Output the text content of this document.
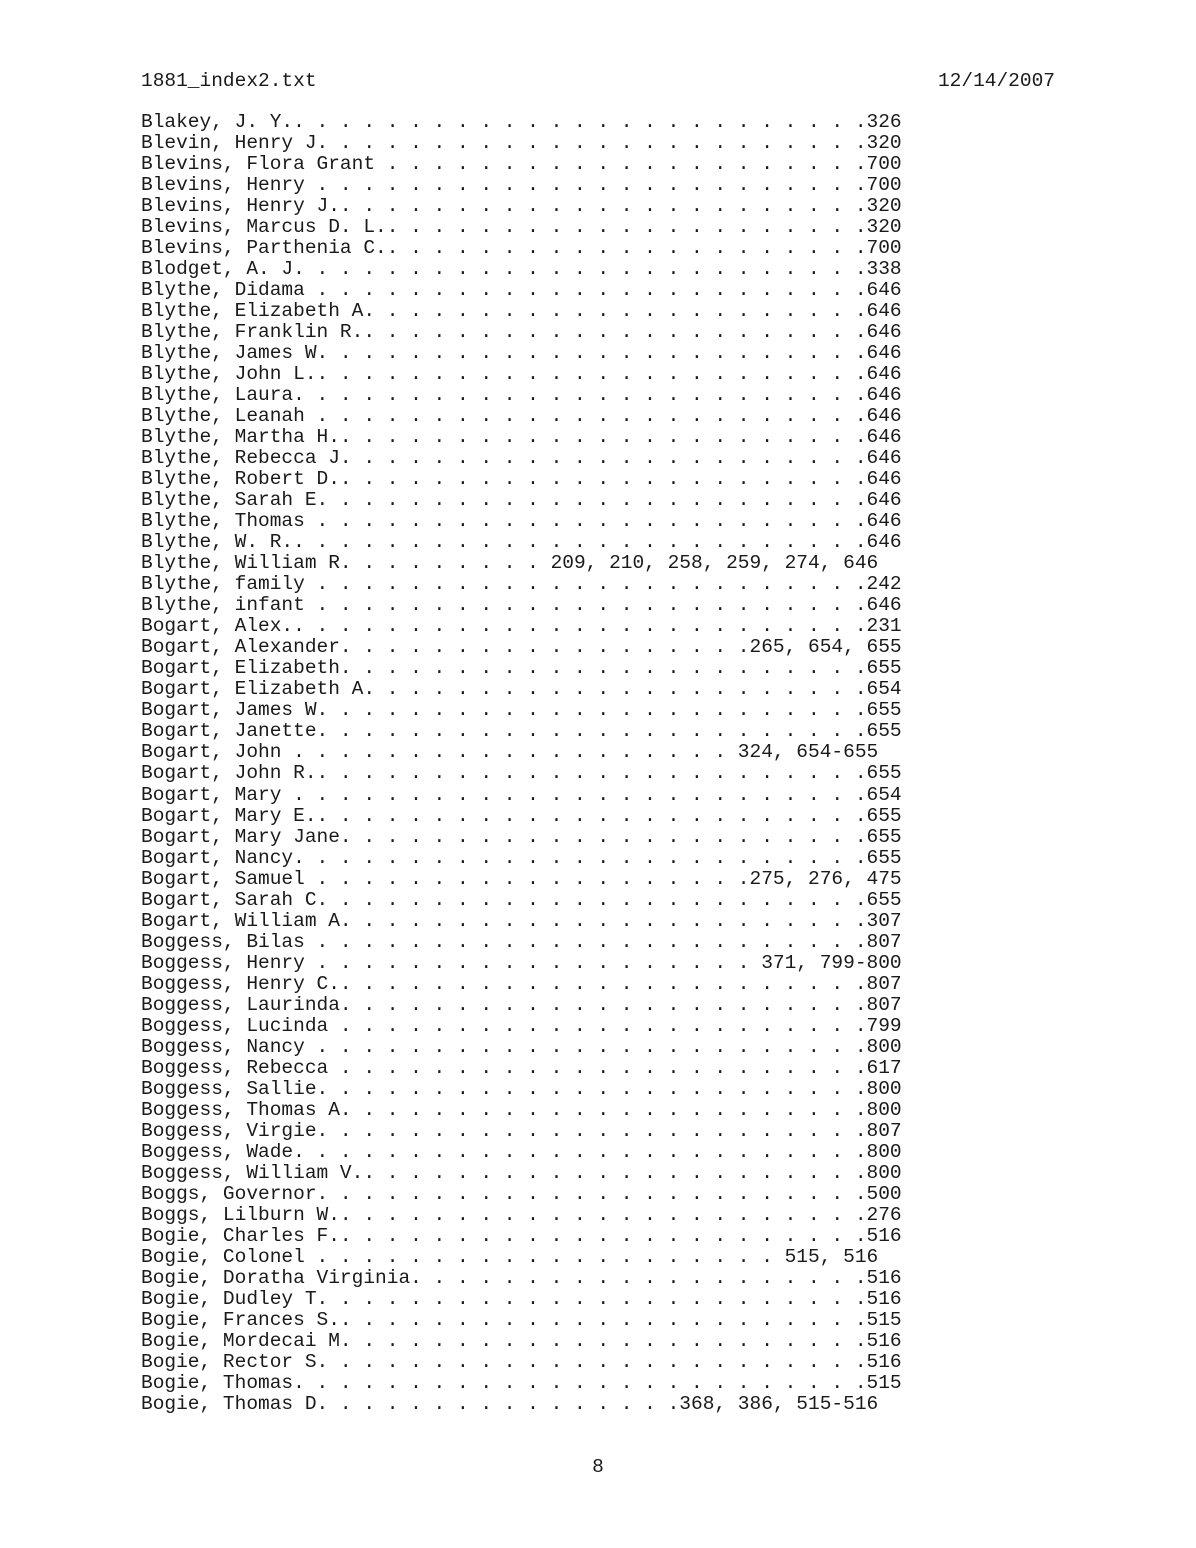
1881_index2.txt	12/14/2007
Blakey, J. Y.. . . . . . . . . . . . . . . . . . . . . . . . .326
Blevin, Henry J. . . . . . . . . . . . . . . . . . . . . . . .320
Blevins, Flora Grant . . . . . . . . . . . . . . . . . . . . .700
Blevins, Henry . . . . . . . . . . . . . . . . . . . . . . . .700
Blevins, Henry J.. . . . . . . . . . . . . . . . . . . . . . .320
Blevins, Marcus D. L.. . . . . . . . . . . . . . . . . . . . .320
Blevins, Parthenia C.. . . . . . . . . . . . . . . . . . . . .700
Blodget, A. J. . . . . . . . . . . . . . . . . . . . . . . . .338
Blythe, Didama . . . . . . . . . . . . . . . . . . . . . . . .646
Blythe, Elizabeth A. . . . . . . . . . . . . . . . . . . . . .646
Blythe, Franklin R.. . . . . . . . . . . . . . . . . . . . . .646
Blythe, James W. . . . . . . . . . . . . . . . . . . . . . . .646
Blythe, John L.. . . . . . . . . . . . . . . . . . . . . . . .646
Blythe, Laura. . . . . . . . . . . . . . . . . . . . . . . . .646
Blythe, Leanah . . . . . . . . . . . . . . . . . . . . . . . .646
Blythe, Martha H.. . . . . . . . . . . . . . . . . . . . . . .646
Blythe, Rebecca J. . . . . . . . . . . . . . . . . . . . . . .646
Blythe, Robert D.. . . . . . . . . . . . . . . . . . . . . . .646
Blythe, Sarah E. . . . . . . . . . . . . . . . . . . . . . . .646
Blythe, Thomas . . . . . . . . . . . . . . . . . . . . . . . .646
Blythe, W. R.. . . . . . . . . . . . . . . . . . . . . . . . .646
Blythe, William R. . . . . . . . . 209, 210, 258, 259, 274, 646
Blythe, family . . . . . . . . . . . . . . . . . . . . . . . .242
Blythe, infant . . . . . . . . . . . . . . . . . . . . . . . .646
Bogart, Alex.. . . . . . . . . . . . . . . . . . . . . . . . .231
Bogart, Alexander. . . . . . . . . . . . . . . . . .265, 654, 655
Bogart, Elizabeth. . . . . . . . . . . . . . . . . . . . . . .655
Bogart, Elizabeth A. . . . . . . . . . . . . . . . . . . . . .654
Bogart, James W. . . . . . . . . . . . . . . . . . . . . . . .655
Bogart, Janette. . . . . . . . . . . . . . . . . . . . . . . .655
Bogart, John . . . . . . . . . . . . . . . . . . . 324, 654-655
Bogart, John R.. . . . . . . . . . . . . . . . . . . . . . . .655
Bogart, Mary . . . . . . . . . . . . . . . . . . . . . . . . .654
Bogart, Mary E.. . . . . . . . . . . . . . . . . . . . . . . .655
Bogart, Mary Jane. . . . . . . . . . . . . . . . . . . . . . .655
Bogart, Nancy. . . . . . . . . . . . . . . . . . . . . . . . .655
Bogart, Samuel . . . . . . . . . . . . . . . . . . .275, 276, 475
Bogart, Sarah C. . . . . . . . . . . . . . . . . . . . . . . .655
Bogart, William A. . . . . . . . . . . . . . . . . . . . . . .307
Boggess, Bilas . . . . . . . . . . . . . . . . . . . . . . . .807
Boggess, Henry . . . . . . . . . . . . . . . . . . . 371, 799-800
Boggess, Henry C.. . . . . . . . . . . . . . . . . . . . . . .807
Boggess, Laurinda. . . . . . . . . . . . . . . . . . . . . . .807
Boggess, Lucinda . . . . . . . . . . . . . . . . . . . . . . .799
Boggess, Nancy . . . . . . . . . . . . . . . . . . . . . . . .800
Boggess, Rebecca . . . . . . . . . . . . . . . . . . . . . . .617
Boggess, Sallie. . . . . . . . . . . . . . . . . . . . . . . .800
Boggess, Thomas A. . . . . . . . . . . . . . . . . . . . . . .800
Boggess, Virgie. . . . . . . . . . . . . . . . . . . . . . . .807
Boggess, Wade. . . . . . . . . . . . . . . . . . . . . . . . .800
Boggess, William V.. . . . . . . . . . . . . . . . . . . . . .800
Boggs, Governor. . . . . . . . . . . . . . . . . . . . . . . .500
Boggs, Lilburn W.. . . . . . . . . . . . . . . . . . . . . . .276
Bogie, Charles F.. . . . . . . . . . . . . . . . . . . . . . .516
Bogie, Colonel . . . . . . . . . . . . . . . . . . . . 515, 516
Bogie, Doratha Virginia. . . . . . . . . . . . . . . . . . . .516
Bogie, Dudley T. . . . . . . . . . . . . . . . . . . . . . . .516
Bogie, Frances S.. . . . . . . . . . . . . . . . . . . . . . .515
Bogie, Mordecai M. . . . . . . . . . . . . . . . . . . . . . .516
Bogie, Rector S. . . . . . . . . . . . . . . . . . . . . . . .516
Bogie, Thomas. . . . . . . . . . . . . . . . . . . . . . . . .515
Bogie, Thomas D. . . . . . . . . . . . . . . .368, 386, 515-516
8
